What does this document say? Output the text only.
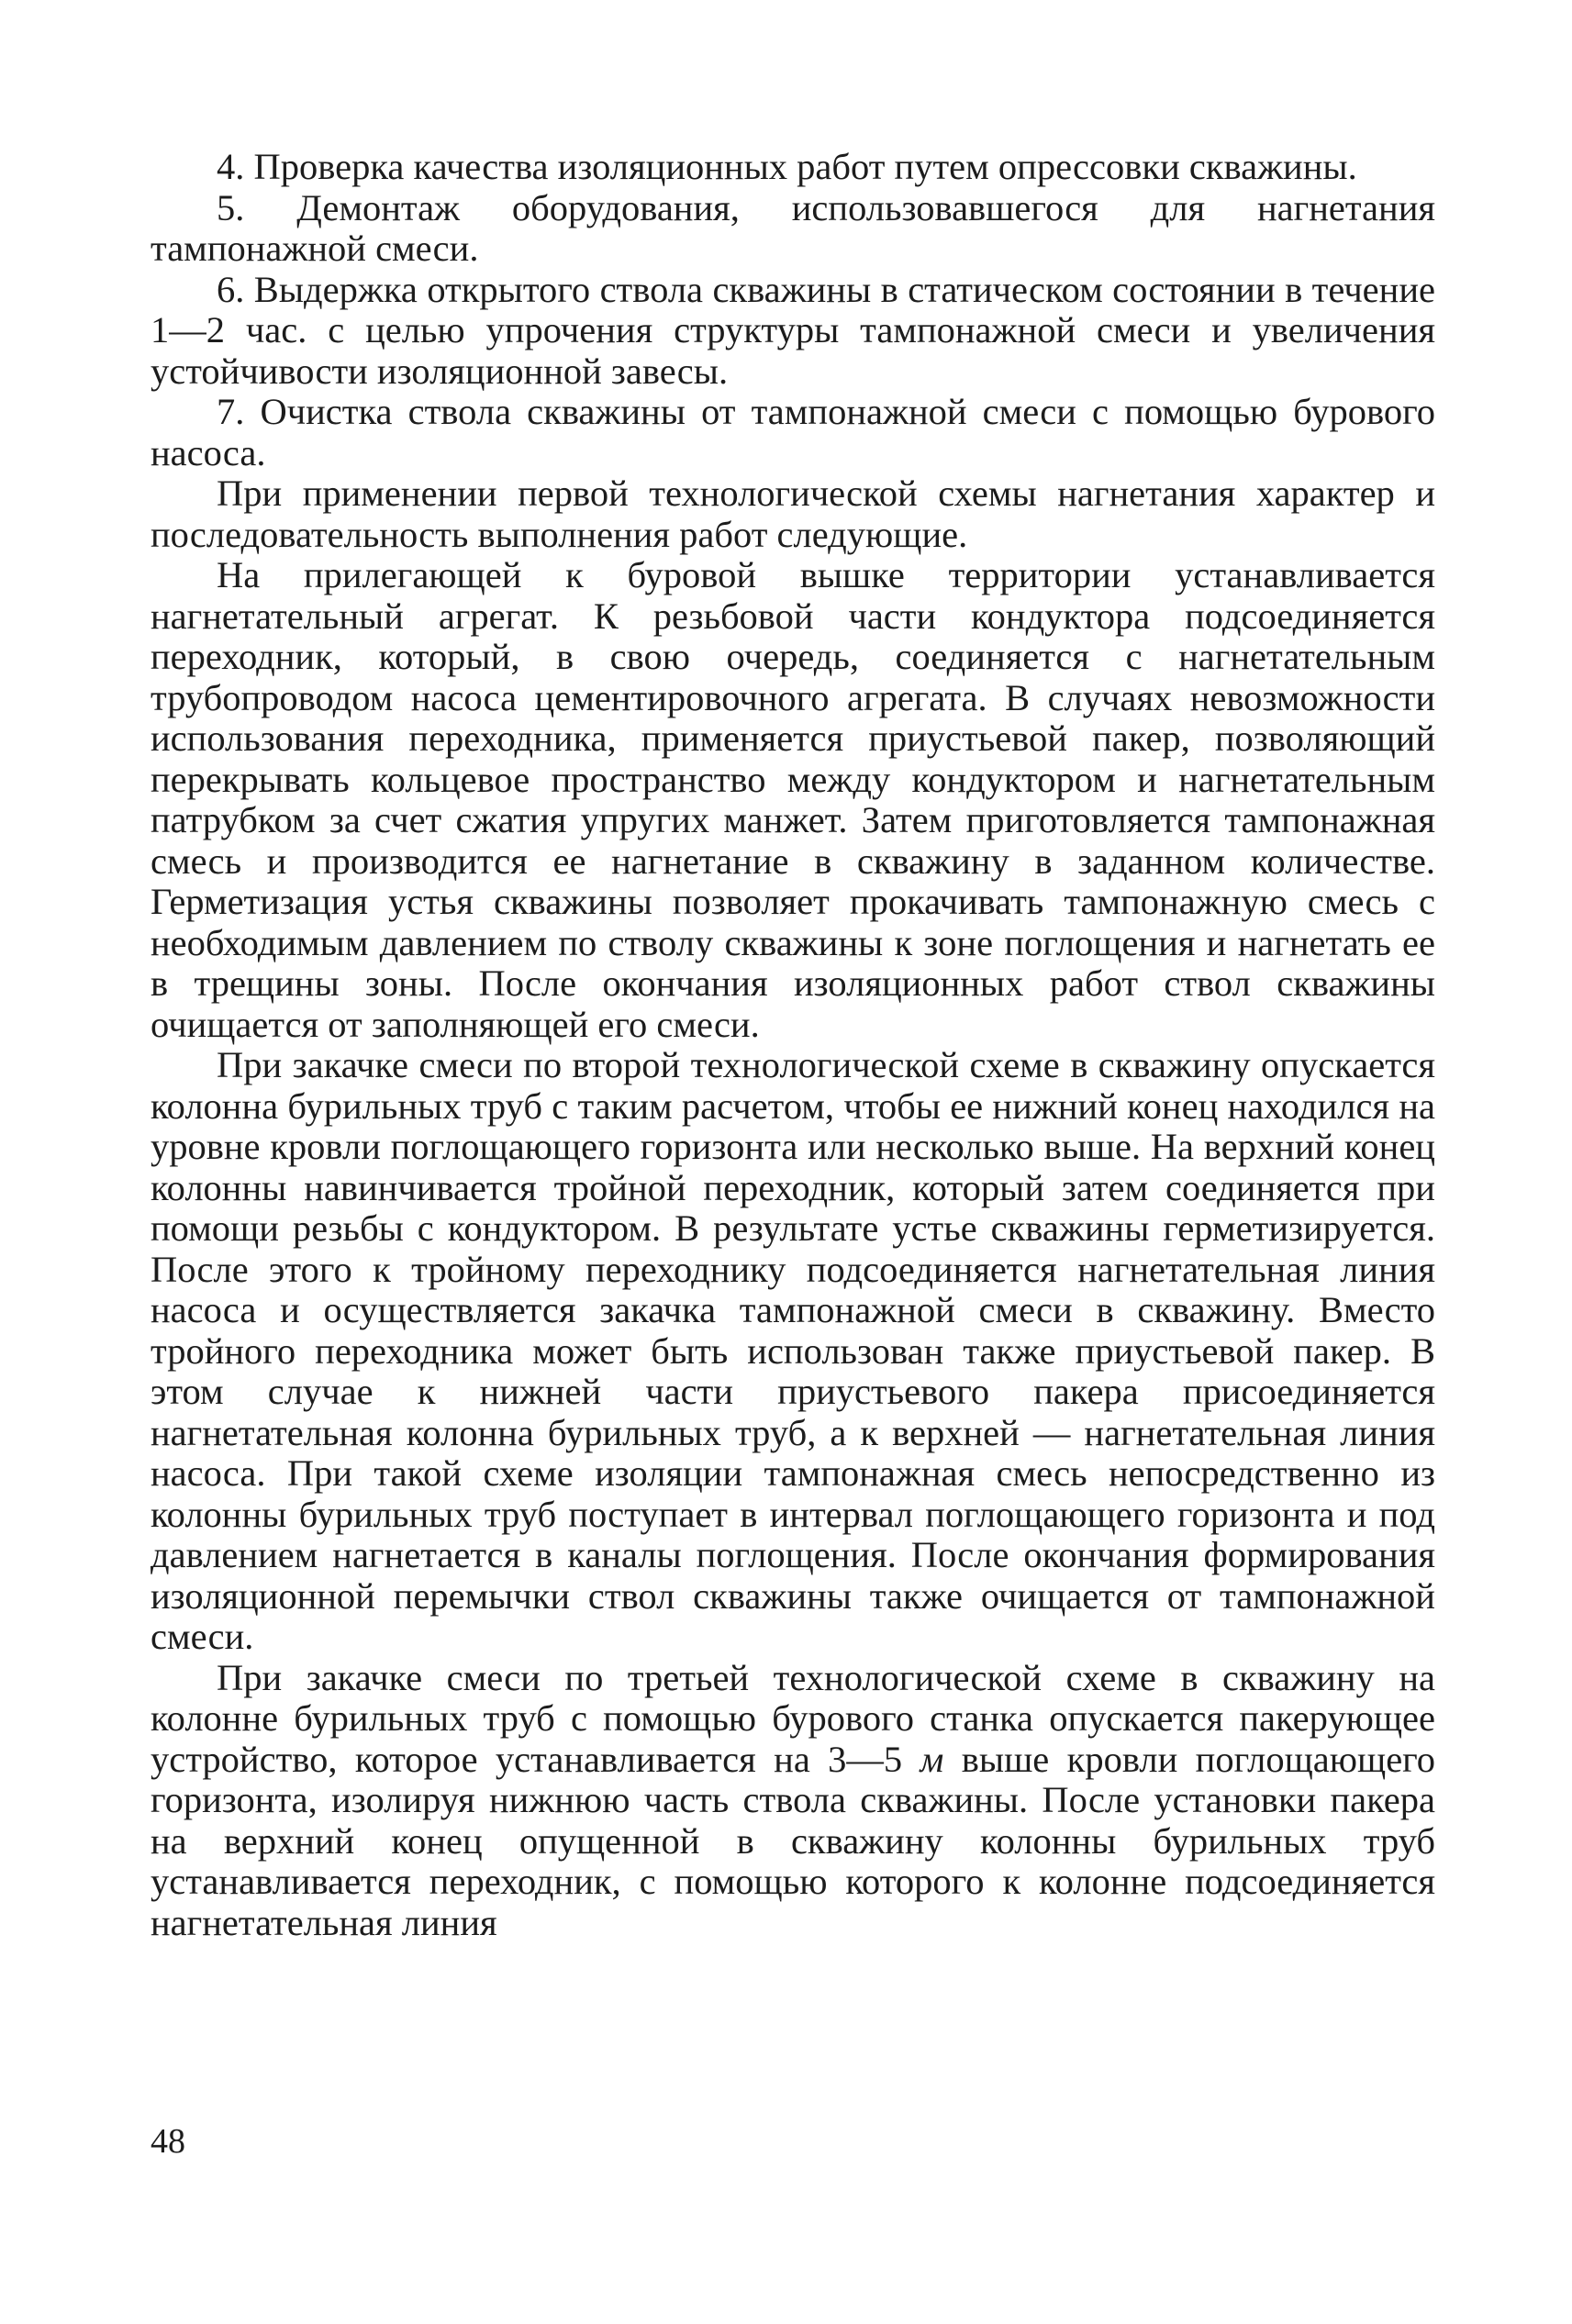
4. Проверка качества изоляционных работ путем опрессовки скважины.

5. Демонтаж оборудования, использовавшегося для нагнетания тампонажной смеси.

6. Выдержка открытого ствола скважины в статическом состоянии в течение 1—2 час. с целью упрочения структуры тампонажной смеси и увеличения устойчивости изоляционной завесы.

7. Очистка ствола скважины от тампонажной смеси с помощью бурового насоса.

При применении первой технологической схемы нагнетания характер и последовательность выполнения работ следующие.

На прилегающей к буровой вышке территории устанавливается нагнетательный агрегат. К резьбовой части кондуктора подсоединяется переходник, который, в свою очередь, соединяется с нагнетательным трубопроводом насоса цементировочного агрегата. В случаях невозможности использования переходника, применяется приустьевой пакер, позволяющий перекрывать кольцевое пространство между кондуктором и нагнетательным патрубком за счет сжатия упругих манжет. Затем приготовляется тампонажная смесь и производится ее нагнетание в скважину в заданном количестве. Герметизация устья скважины позволяет прокачивать тампонажную смесь с необходимым давлением по стволу скважины к зоне поглощения и нагнетать ее в трещины зоны. После окончания изоляционных работ ствол скважины очищается от заполняющей его смеси.

При закачке смеси по второй технологической схеме в скважину опускается колонна бурильных труб с таким расчетом, чтобы ее нижний конец находился на уровне кровли поглощающего горизонта или несколько выше. На верхний конец колонны навинчивается тройной переходник, который затем соединяется при помощи резьбы с кондуктором. В результате устье скважины герметизируется. После этого к тройному переходнику подсоединяется нагнетательная линия насоса и осуществляется закачка тампонажной смеси в скважину. Вместо тройного переходника может быть использован также приустьевой пакер. В этом случае к нижней части приустьевого пакера присоединяется нагнетательная колонна бурильных труб, а к верхней — нагнетательная линия насоса. При такой схеме изоляции тампонажная смесь непосредственно из колонны бурильных труб поступает в интервал поглощающего горизонта и под давлением нагнетается в каналы поглощения. После окончания формирования изоляционной перемычки ствол скважины также очищается от тампонажной смеси.

При закачке смеси по третьей технологической схеме в скважину на колонне бурильных труб с помощью бурового станка опускается пакерующее устройство, которое устанавливается на 3—5 м выше кровли поглощающего горизонта, изолируя нижнюю часть ствола скважины. После установки пакера на верхний конец опущенной в скважину колонны бурильных труб устанавливается переходник, с помощью которого к колонне подсоединяется нагнетательная линия

48
